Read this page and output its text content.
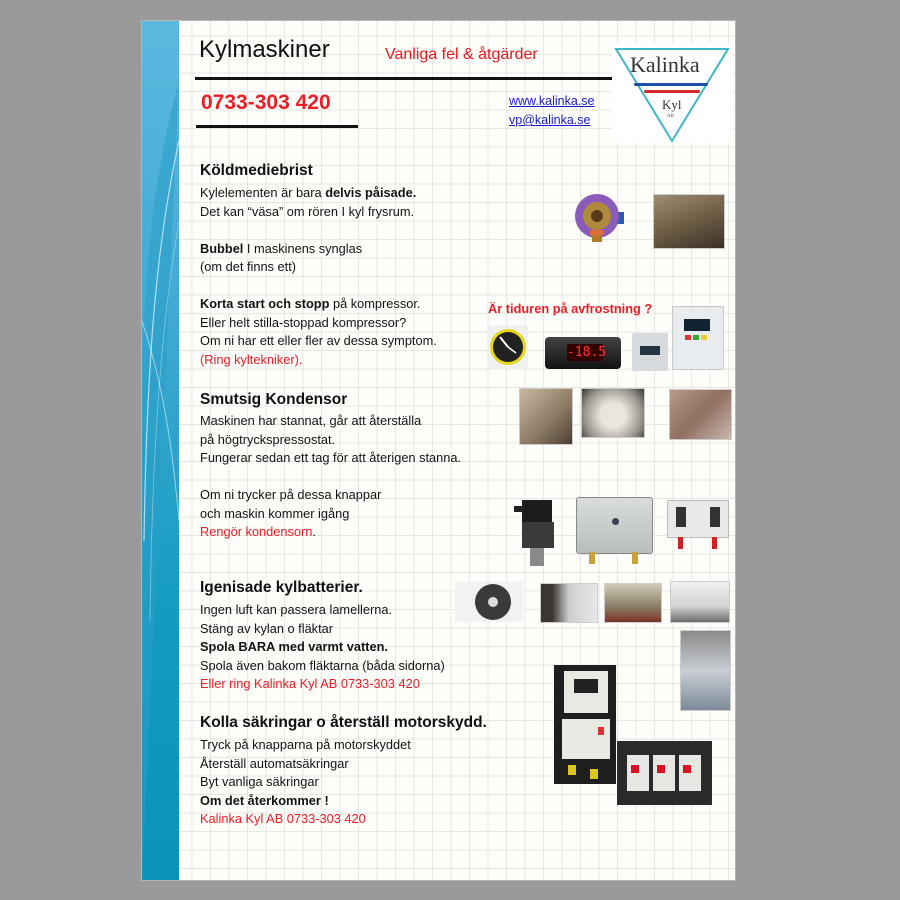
Kylmaskiner	Vanliga fel & åtgärder
0733-303 420	www.kalinka.se
vp@kalinka.se
Kalinka
Kyl
AB
Köldmediebrist
Kylelementen är bara delvis påisade.
Det kan “väsa” om rören I kyl frysrum.

Bubbel I maskinens synglas
(om det finns ett)

Korta start och stopp på kompressor.
Eller helt stilla-stoppad kompressor?
Om ni har ett eller fler av dessa symptom.
(Ring kyltekniker).
Är tiduren på avfrostning ?
-18.5
Smutsig Kondensor
Maskinen har stannat, går att återställa
på högtryckspressostat.
Fungerar sedan ett tag för att återigen stanna.

Om ni trycker på dessa knappar
och maskin kommer igång
Rengör kondensorn.
Igenisade kylbatterier.
Ingen luft kan passera lamellerna.
Stäng av kylan o fläktar
Spola BARA med varmt vatten.
Spola även bakom fläktarna (båda sidorna)
Eller ring Kalinka Kyl AB 0733-303 420
Kolla säkringar o återställ motorskydd.
Tryck på knapparna på motorskyddet
Återställ automatsäkringar
Byt vanliga säkringar
Om det återkommer !
Kalinka Kyl AB 0733-303 420
